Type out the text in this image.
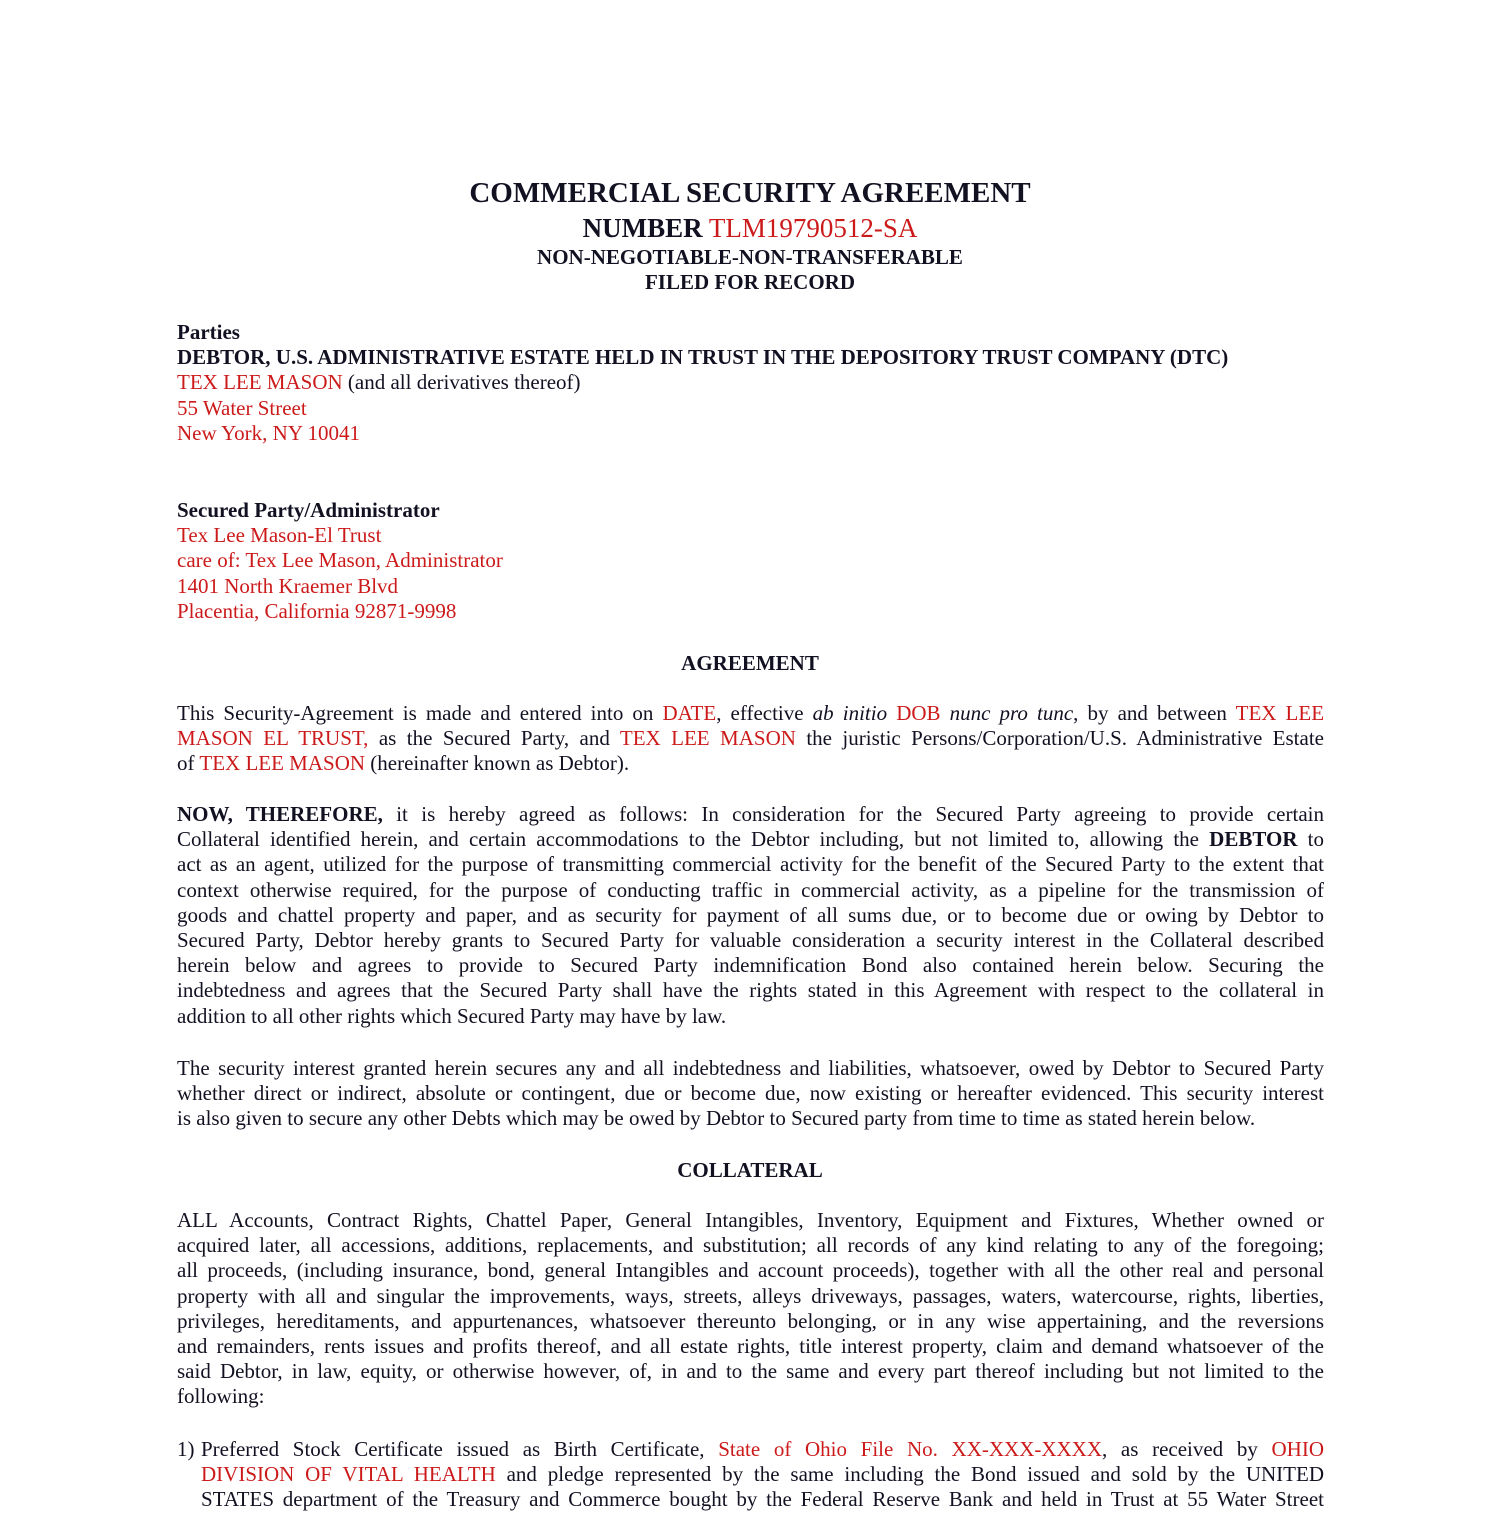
COMMERCIAL SECURITY AGREEMENT
NUMBER TLM19790512-SA
NON-NEGOTIABLE-NON-TRANSFERABLE
FILED FOR RECORD
Parties
DEBTOR, U.S. ADMINISTRATIVE ESTATE HELD IN TRUST IN THE DEPOSITORY TRUST COMPANY (DTC)
TEX LEE MASON (and all derivatives thereof)
55 Water Street
New York, NY 10041
Secured Party/Administrator
Tex Lee Mason-El Trust
care of: Tex Lee Mason, Administrator
1401 North Kraemer Blvd
Placentia, California 92871-9998
AGREEMENT
This Security-Agreement is made and entered into on DATE, effective ab initio DOB nunc pro tunc, by and between TEX LEE
MASON EL TRUST, as the Secured Party, and TEX LEE MASON the juristic Persons/Corporation/U.S. Administrative Estate
of TEX LEE MASON (hereinafter known as Debtor).
NOW, THEREFORE, it is hereby agreed as follows: In consideration for the Secured Party agreeing to provide certain
Collateral identified herein, and certain accommodations to the Debtor including, but not limited to, allowing the DEBTOR to
act as an agent, utilized for the purpose of transmitting commercial activity for the benefit of the Secured Party to the extent that
context otherwise required, for the purpose of conducting traffic in commercial activity, as a pipeline for the transmission of
goods and chattel property and paper, and as security for payment of all sums due, or to become due or owing by Debtor to
Secured Party, Debtor hereby grants to Secured Party for valuable consideration a security interest in the Collateral described
herein below and agrees to provide to Secured Party indemnification Bond also contained herein below. Securing the
indebtedness and agrees that the Secured Party shall have the rights stated in this Agreement with respect to the collateral in
addition to all other rights which Secured Party may have by law.
The security interest granted herein secures any and all indebtedness and liabilities, whatsoever, owed by Debtor to Secured Party
whether direct or indirect, absolute or contingent, due or become due, now existing or hereafter evidenced. This security interest
is also given to secure any other Debts which may be owed by Debtor to Secured party from time to time as stated herein below.
COLLATERAL
ALL Accounts, Contract Rights, Chattel Paper, General Intangibles, Inventory, Equipment and Fixtures, Whether owned or
acquired later, all accessions, additions, replacements, and substitution; all records of any kind relating to any of the foregoing;
all proceeds, (including insurance, bond, general Intangibles and account proceeds), together with all the other real and personal
property with all and singular the improvements, ways, streets, alleys driveways, passages, waters, watercourse, rights, liberties,
privileges, hereditaments, and appurtenances, whatsoever thereunto belonging, or in any wise appertaining, and the reversions
and remainders, rents issues and profits thereof, and all estate rights, title interest property, claim and demand whatsoever of the
said Debtor, in law, equity, or otherwise however, of, in and to the same and every part thereof including but not limited to the
following:
1) Preferred Stock Certificate issued as Birth Certificate, State of Ohio File No. XX-XXX-XXXX, as received by OHIO
DIVISION OF VITAL HEALTH and pledge represented by the same including the Bond issued and sold by the UNITED
STATES department of the Treasury and Commerce bought by the Federal Reserve Bank and held in Trust at 55 Water Street
